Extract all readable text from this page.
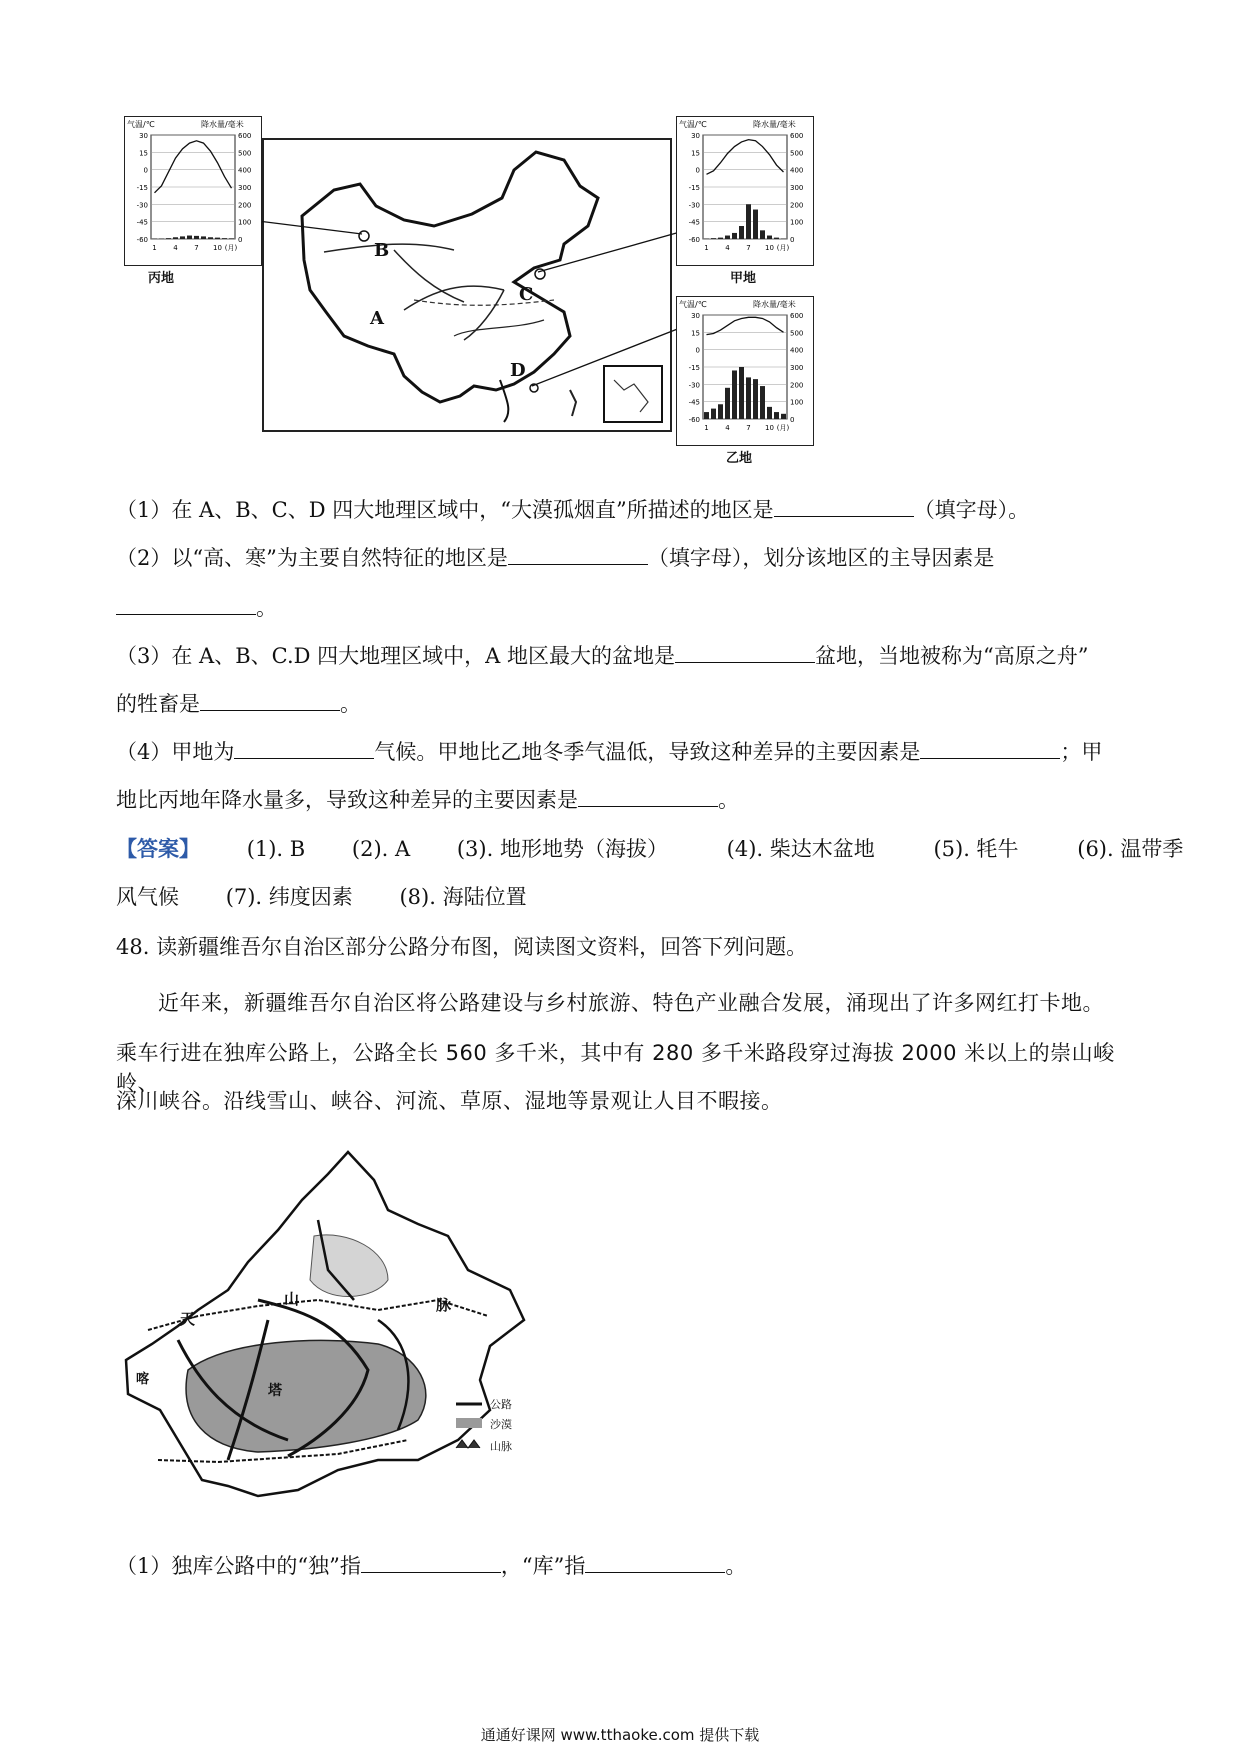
B
A
C
D
气温/℃	降水量/毫米
30	600
15	500
0	400
-15	300
-30	200
-45	100
-60	0
1 4 7 10 (月)
丙地
气温/℃	降水量/毫米
30	600
15	500
0	400
-15	300
-30	200
-45	100
-60	0
1 4 7 10 (月)
甲地
气温/℃	降水量/毫米
30	600
15	500
0	400
-15	300
-30	200
-45	100
-60	0
1 4 7 10 (月)
乙地
（1）在 A、B、C、D 四大地理区域中，“大漠孤烟直”所描述的地区是	（填字母）。
（2）以“高、寒”为主要自然特征的地区是	（填字母），划分该地区的主导因素是
。
（3）在 A、B、C.D 四大地理区域中，A 地区最大的盆地是	盆地，当地被称为“高原之舟”
的牲畜是	。
（4）甲地为	气候。甲地比乙地冬季气温低，导致这种差异的主要因素是	；甲
地比丙地年降水量多，导致这种差异的主要因素是	。
【答案】 (1). B (2). A (3). 地形地势（海拔）	(4). 柴达木盆地	(5). 牦牛	(6). 温带季
风气候 (7). 纬度因素 (8). 海陆位置
48. 读新疆维吾尔自治区部分公路分布图，阅读图文资料，回答下列问题。
近年来，新疆维吾尔自治区将公路建设与乡村旅游、特色产业融合发展，涌现出了许多网红打卡地。
乘车行进在独库公路上，公路全长 560 多千米，其中有 280 多千米路段穿过海拔 2000 米以上的崇山峻岭、
深川峡谷。沿线雪山、峡谷、河流、草原、湿地等景观让人目不暇接。
天
山	脉
喀
塔
公路
沙漠
山脉
（1）独库公路中的“独”指	，“库”指	。
通通好课网 www.tthaoke.com 提供下载
